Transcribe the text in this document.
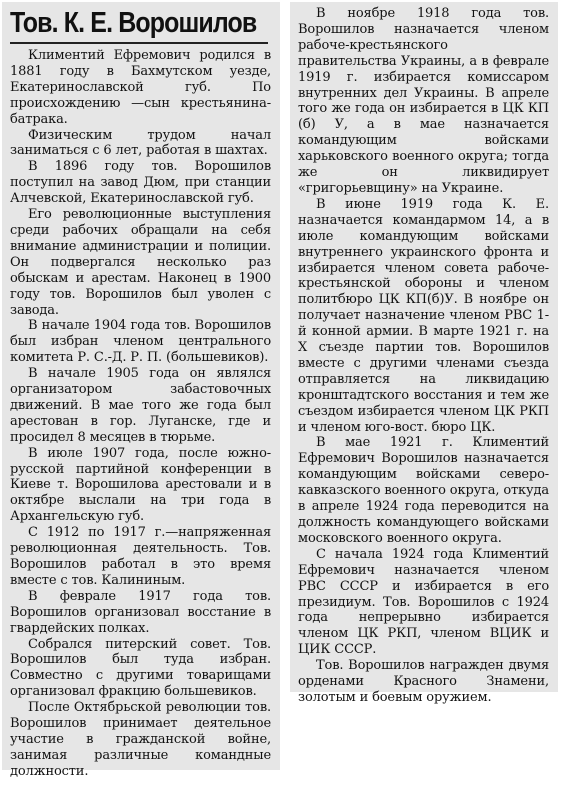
Тов. К. Е. Ворошилов

Климентий Ефремович родился в 1881 году в Бахмутском уезде, Екатеринославской губ. По происхождению —сын крестьянина-батрака.

Физическим трудом начал заниматься с 6 лет, работая в шахтах.

В 1896 году тов. Ворошилов поступил на завод Дюм, при станции Алчевской, Екатеринославской губ.

Его революционные выступления среди рабочих обращали на себя внимание администрации и полиции. Он подвергался несколько раз обыскам и арестам. Наконец в 1900 году тов. Ворошилов был уволен с завода.

В начале 1904 года тов. Ворошилов был избран членом центрального комитета Р. С.-Д. Р. П. (большевиков).

В начале 1905 года он являлся организатором забастовочных движений. В мае того же года был арестован в гор. Луганске, где и просидел 8 месяцев в тюрьме.

В июле 1907 года, после южно-русской партийной конференции в Киеве т. Ворошилова арестовали и в октябре выслали на три года в Архангельскую губ.

С 1912 по 1917 г.—напряженная революционная деятельность. Тов. Ворошилов работал в это время вместе с тов. Калининым.

В феврале 1917 года тов. Ворошилов организовал восстание в гвардейских полках.

Собрался питерский совет. Тов. Ворошилов был туда избран. Совместно с другими товарищами организовал фракцию большевиков.

После Октябрьской революции тов. Ворошилов принимает деятельное участие в гражданской войне, занимая различные командные должности.

В ноябре 1918 года тов. Ворошилов назначается членом рабоче-крестьянского правительства Украины, а в феврале 1919 г. избирается комиссаром внутренних дел Украины. В апреле того же года он избирается в ЦК КП (б) У, а в мае назначается командующим войсками харьковского военного округа; тогда же он ликвидирует «григорьевщину» на Украине.

В июне 1919 года К. Е. назначается командармом 14, а в июле командующим войсками внутреннего украинского фронта и избирается членом совета рабоче-крестьянской обороны и членом политбюро ЦК КП(б)У. В ноябре он получает назначение членом РВС 1-й конной армии. В марте 1921 г. на X съезде партии тов. Ворошилов вместе с другими членами съезда отправляется на ликвидацию кронштадтского восстания и тем же съездом избирается членом ЦК РКП и членом юго-вост. бюро ЦК.

В мае 1921 г. Климентий Ефремович Ворошилов назначается командующим войсками северо-кавказского военного округа, откуда в апреле 1924 года переводится на должность командующего войсками московского военного округа.

С начала 1924 года Климентий Ефремович назначается членом РВС СССР и избирается в его президиум. Тов. Ворошилов с 1924 года непрерывно избирается членом ЦК РКП, членом ВЦИК и ЦИК СССР.

Тов. Ворошилов награжден двумя орденами Красного Знамени, золотым и боевым оружием.
